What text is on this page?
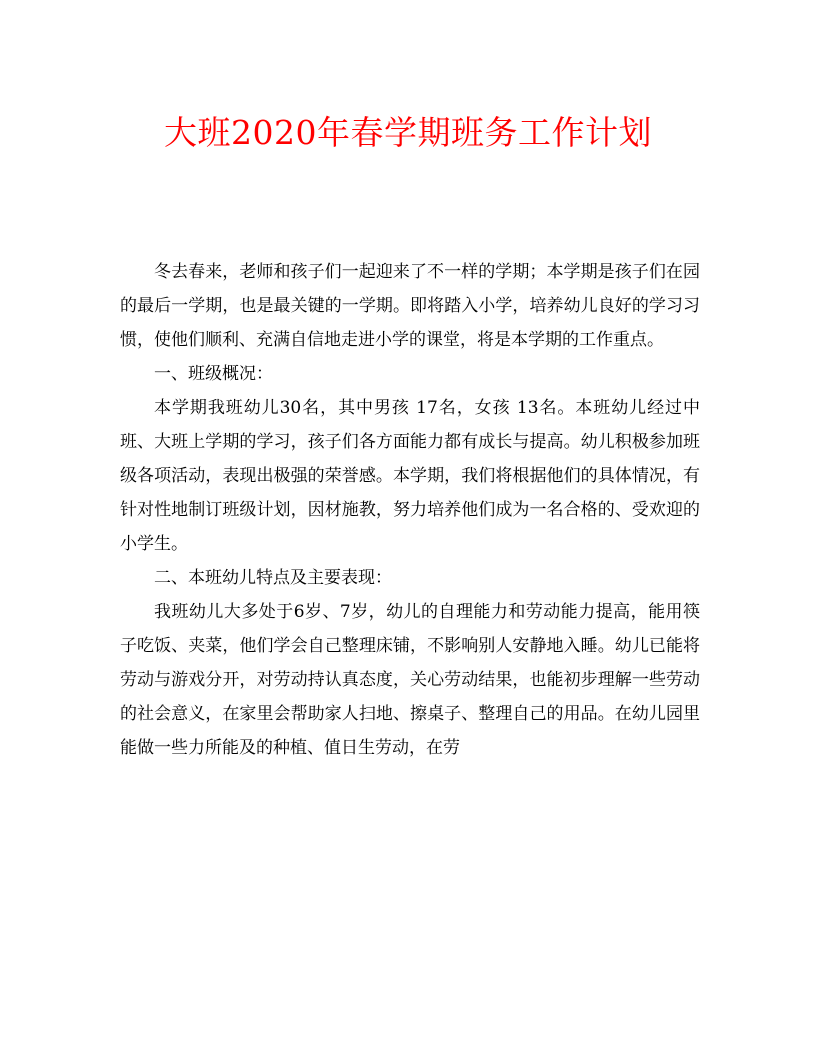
大班2020年春学期班务工作计划

冬去春来，老师和孩子们一起迎来了不一样的学期；本学期是孩子们在园的最后一学期，也是最关键的一学期。即将踏入小学，培养幼儿良好的学习习惯，使他们顺利、充满自信地走进小学的课堂，将是本学期的工作重点。

一、班级概况：

本学期我班幼儿30名，其中男孩 17名，女孩 13名。本班幼儿经过中班、大班上学期的学习，孩子们各方面能力都有成长与提高。幼儿积极参加班级各项活动，表现出极强的荣誉感。本学期，我们将根据他们的具体情况，有针对性地制订班级计划，因材施教，努力培养他们成为一名合格的、受欢迎的小学生。

二、本班幼儿特点及主要表现：

我班幼儿大多处于6岁、7岁，幼儿的自理能力和劳动能力提高，能用筷子吃饭、夹菜，他们学会自己整理床铺，不影响别人安静地入睡。幼儿已能将劳动与游戏分开，对劳动持认真态度，关心劳动结果，也能初步理解一些劳动的社会意义，在家里会帮助家人扫地、擦桌子、整理自己的用品。在幼儿园里能做一些力所能及的种植、值日生劳动，在劳
